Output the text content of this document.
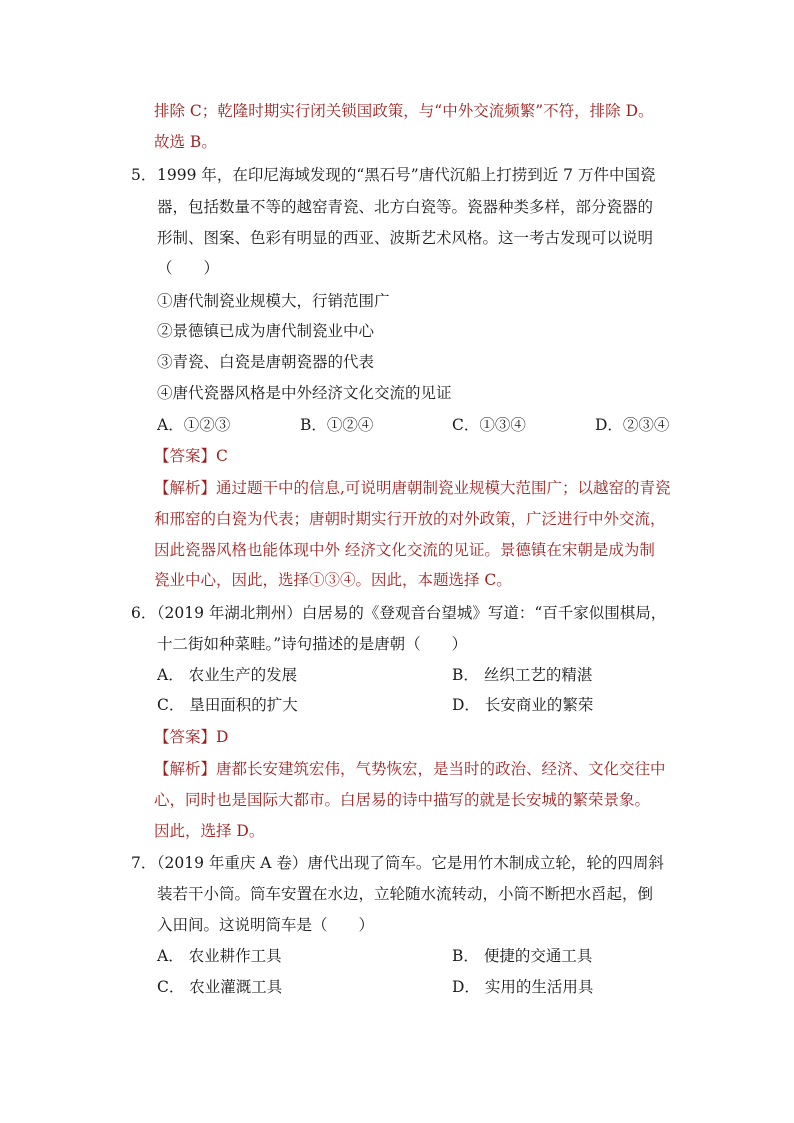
排除 C；乾隆时期实行闭关锁国政策，与“中外交流频繁”不符，排除 D。
故选 B。
5． 1999 年，在印尼海域发现的“黑石号”唐代沉船上打捞到近 7 万件中国瓷
器，包括数量不等的越窑青瓷、北方白瓷等。瓷器种类多样，部分瓷器的
形制、图案、色彩有明显的西亚、波斯艺术风格。这一考古发现可以说明
（　　）
①唐代制瓷业规模大，行销范围广
②景德镇已成为唐代制瓷业中心
③青瓷、白瓷是唐朝瓷器的代表
④唐代瓷器风格是中外经济文化交流的见证
A．①②③	B．①②④	C．①③④	D．②③④
【答案】C
【解析】通过题干中的信息,可说明唐朝制瓷业规模大范围广；以越窑的青瓷
和邢窑的白瓷为代表；唐朝时期实行开放的对外政策，广泛进行中外交流，
因此瓷器风格也能体现中外 经济文化交流的见证。景德镇在宋朝是成为制
瓷业中心，因此，选择①③④。因此，本题选择 C。
6．
（2019 年湖北荆州）白居易的《登观音台望城》写道：“百千家似围棋局，
十二街如种菜畦。”诗句描述的是唐朝（　　）
A． 农业生产的发展	B． 丝织工艺的精湛
C． 垦田面积的扩大	D． 长安商业的繁荣
【答案】D
【解析】唐都长安建筑宏伟，气势恢宏，是当时的政治、经济、文化交往中
心，同时也是国际大都市。白居易的诗中描写的就是长安城的繁荣景象。
因此，选择 D。
7．
（2019 年重庆 A 卷）唐代出现了筒车。它是用竹木制成立轮，轮的四周斜
装若干小筒。筒车安置在水边，立轮随水流转动，小筒不断把水舀起，倒
入田间。这说明筒车是（　　）
A． 农业耕作工具	B． 便捷的交通工具
C． 农业灌溉工具	D． 实用的生活用具
